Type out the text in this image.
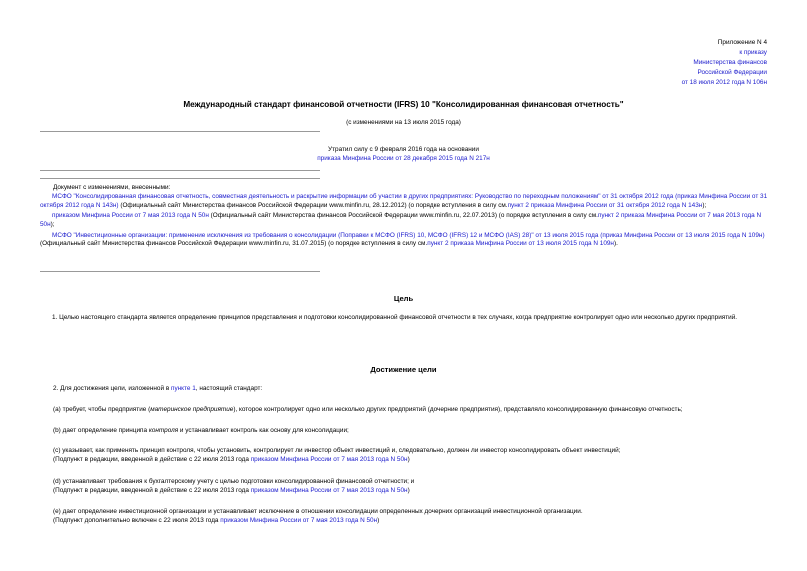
Приложение N 4
к приказу
Министерства финансов
Российской Федерации
от 18 июля 2012 года N 106н
Международный стандарт финансовой отчетности (IFRS) 10 "Консолидированная финансовая отчетность"
(с изменениями на 13 июля 2015 года)
Утратил силу с 9 февраля 2016 года на основании
приказа Минфина России от 28 декабря 2015 года N 217н
Документ с изменениями, внесенными:

МСФО "Консолидированная финансовая отчетность, совместная деятельность и раскрытие информации об участии в других предприятиях: Руководство по переходным положениям" от 31 октября 2012 года (приказ Минфина России от 31 октября 2012 года N 143н) (Официальный сайт Министерства финансов Российской Федерации www.minfin.ru, 28.12.2012) (о порядке вступления в силу см.пункт 2 приказа Минфина России от 31 октября 2012 года N 143н);

приказом Минфина России от 7 мая 2013 года N 50н (Официальный сайт Министерства финансов Российской Федерации www.minfin.ru, 22.07.2013) (о порядке вступления в силу см.пункт 2 приказа Минфина России от 7 мая 2013 года N 50н);

МСФО "Инвестиционные организации: применение исключения из требования о консолидации (Поправки к МСФО (IFRS) 10, МСФО (IFRS) 12 и МСФО (IAS) 28)" от 13 июля 2015 года (приказ Минфина России от 13 июля 2015 года N 109н) (Официальный сайт Министерства финансов Российской Федерации www.minfin.ru, 31.07.2015) (о порядке вступления в силу см.пункт 2 приказа Минфина России от 13 июля 2015 года N 109н).

Цель

1. Целью настоящего стандарта является определение принципов представления и подготовки консолидированной финансовой отчетности в тех случаях, когда предприятие контролирует одно или несколько других предприятий.

Достижение цели
2. Для достижения цели, изложенной в пункте 1, настоящий стандарт:
(а) требует, чтобы предприятие (материнское предприятие), которое контролирует одно или несколько других предприятий (дочерние предприятия), представляло консолидированную финансовую отчетность;
(b) дает определение принципа контроля и устанавливает контроль как основу для консолидации;
(с) указывает, как применять принцип контроля, чтобы установить, контролирует ли инвестор объект инвестиций и, следовательно, должен ли инвестор консолидировать объект инвестиций;
(Подпункт в редакции, введенной в действие с 22 июля 2013 года приказом Минфина России от 7 мая 2013 года N 50н)
(d) устанавливает требования к бухгалтерскому учету с целью подготовки консолидированной финансовой отчетности; и
(Подпункт в редакции, введенной в действие с 22 июля 2013 года приказом Минфина России от 7 мая 2013 года N 50н)
(е) дает определение инвестиционной организации и устанавливает исключение в отношении консолидации определенных дочерних организаций инвестиционной организации.
(Подпункт дополнительно включен с 22 июля 2013 года приказом Минфина России от 7 мая 2013 года N 50н)
